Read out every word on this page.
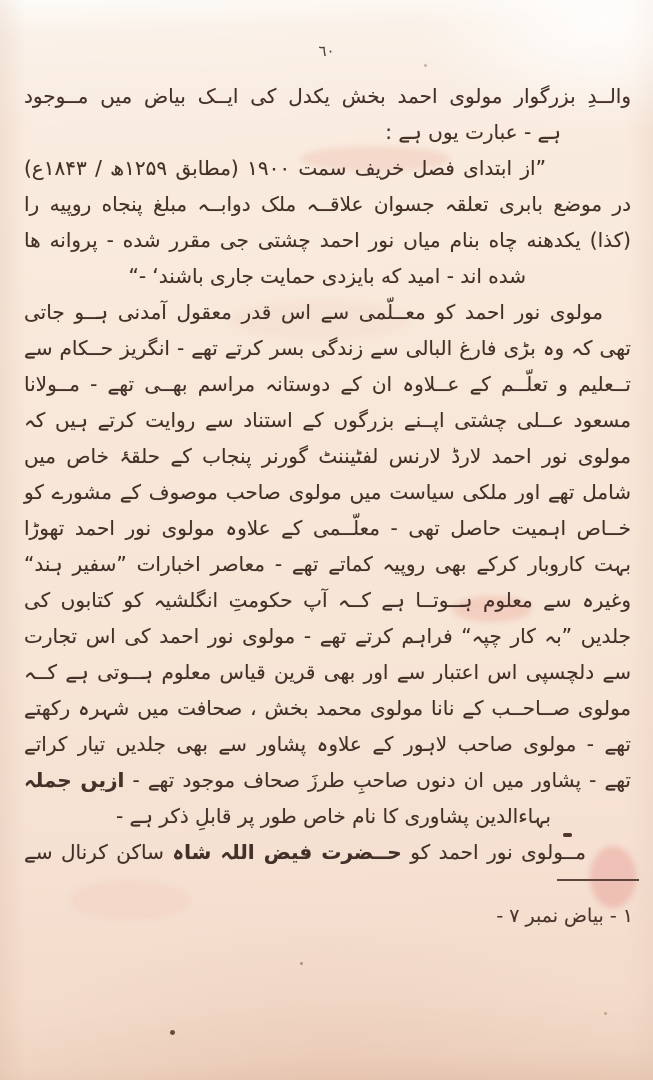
٦٠
والــدِ بزرگوار مولوی احمد بخش یکدل کی ایــک بیاض میں مــوجود
ہے - عبارت یوں ہے :
”از ابتدای فصل خریف سمت ۱۹۰۰ (مطابق ۱۲۵۹ھ / ۱۸۴۳ع)
در موضع بابری تعلقہ جسوان علاقــہ ملک دوابــہ مبلغ پنجاه روپیه را
(کذا) یکدهنه چاه بنام میاں نور احمد چشتی جی مقرر شده - پروانه ها
شده اند - امید که بایزدی حمایت جاری باشند‘ -“
مولوی نور احمد کو معــلّمی سے اس قدر معقول آمدنی ہــو جاتی
تھی کہ وہ بڑی فارغ البالی سے زندگی بسر کرتے تھے - انگریز حــکام سے
تــعلیم و تعلّــم کے عــلاوہ ان کے دوستانہ مراسم بھــی تھے - مــولانا
مسعود عــلی چشتی اپــنے بزرگوں کے استناد سے روایت کرتے ہیں کہ
مولوی نور احمد لارڈ لارنس لفٹیننٹ گورنر پنجاب کے حلقۂ خاص میں
شامل تھے اور ملکی سیاست میں مولوی صاحب موصوف کے مشورے کو
خــاص اہمیت حاصل تھی - معلّــمی کے علاوہ مولوی نور احمد تھوڑا
بہت کاروبار کرکے بھی روپیہ کماتے تھے - معاصر اخبارات ”سفیر ہند“
وغیرہ سے معلوم ہــوتــا ہے کــہ آپ حکومتِ انگلشیہ کو کتابوں کی
جلدیں ”بہ کار چپہ“ فراہم کرتے تھے - مولوی نور احمد کی اس تجارت
سے دلچسپی اس اعتبار سے اور بھی قرین قیاس معلوم ہــوتی ہے کــہ
مولوی صــاحــب کے نانا مولوی محمد بخش ، صحافت میں شہرہ رکھتے
تھے - مولوی صاحب لاہور کے علاوہ پشاور سے بھی جلدیں تیار کراتے
تھے - پشاور میں ان دنوں صاحبِ طرزَ صحاف موجود تھے - ازیں جملہ
بہاءالدین پشاوری کا نام خاص طور پر قابلِ ذکر ہے -
مــولوی نور احمد کو حــضرت فیض اللہ شاہ ساکن کرنال سے
۱ - بیاض نمبر ۷ -
